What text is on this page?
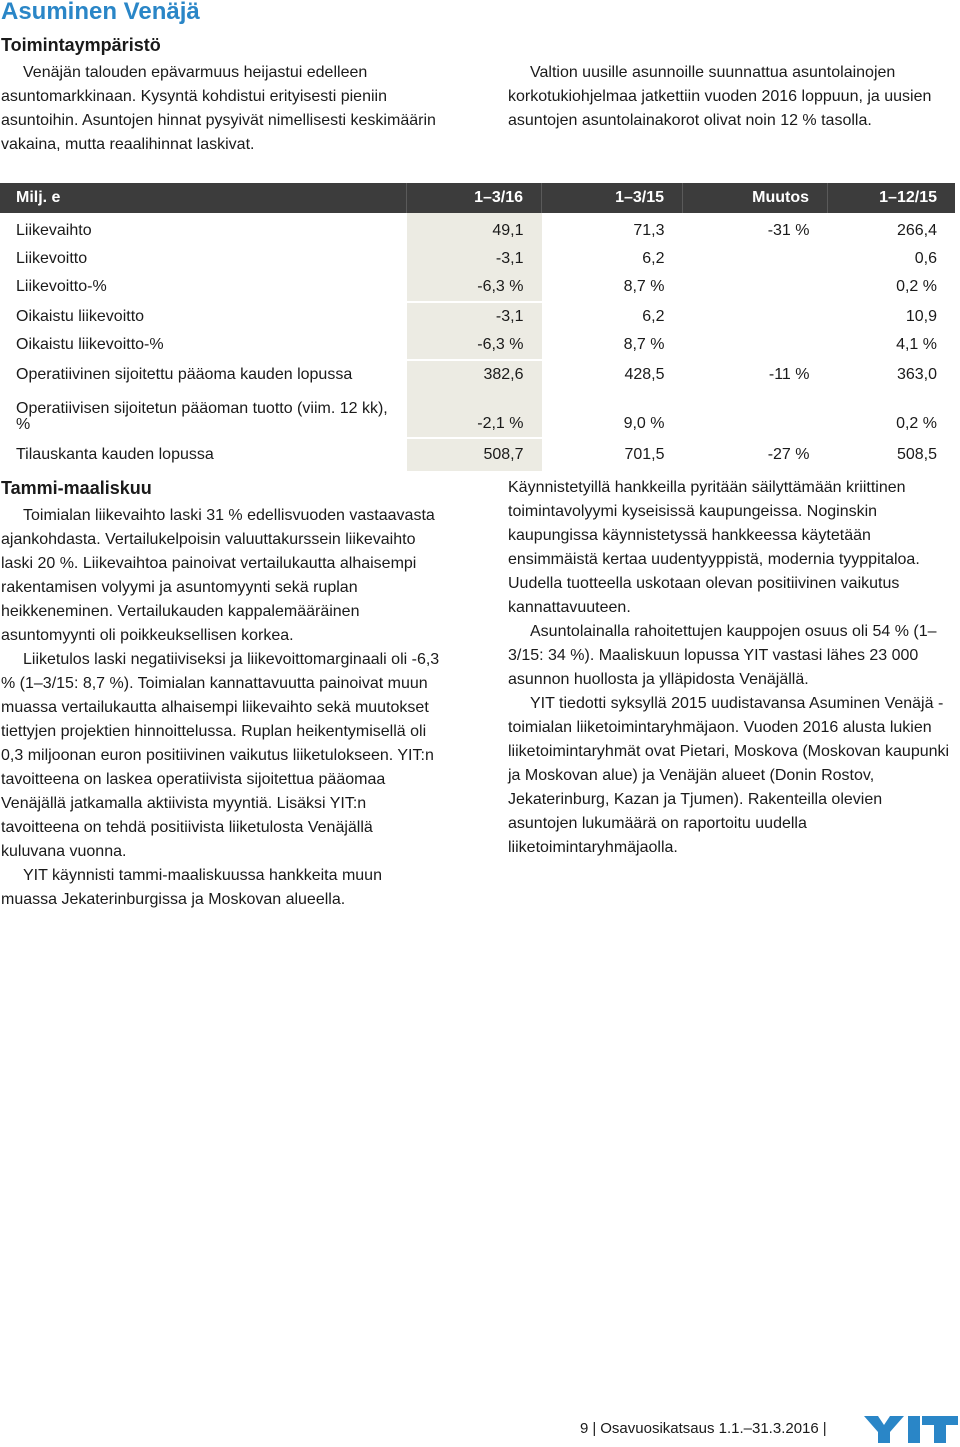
Asuminen Venäjä
Toimintaympäristö

Venäjän talouden epävarmuus heijastui edelleen asuntomarkkinaan. Kysyntä kohdistui erityisesti pieniin asuntoihin. Asuntojen hinnat pysyivät nimellisesti keskimäärin vakaina, mutta reaalihinnat laskivat.

Valtion uusille asunnoille suunnattua asuntolainojen korkotukiohjelmaa jatkettiin vuoden 2016 loppuun, ja uusien asuntojen asuntolainakorot olivat noin 12 % tasolla.

Milj. e	1–3/16	1–3/15	Muutos	1–12/15
Liikevaihto	49,1	71,3	-31 %	266,4
Liikevoitto	-3,1	6,2		0,6
Liikevoitto-%	-6,3 %	8,7 %		0,2 %
Oikaistu liikevoitto	-3,1	6,2		10,9
Oikaistu liikevoitto-%	-6,3 %	8,7 %		4,1 %
Operatiivinen sijoitettu pääoma kauden lopussa	382,6	428,5	-11 %	363,0
Operatiivisen sijoitetun pääoman tuotto (viim. 12 kk), %	-2,1 %	9,0 %		0,2 %
Tilauskanta kauden lopussa	508,7	701,5	-27 %	508,5
Tammi-maaliskuu

Toimialan liikevaihto laski 31 % edellisvuoden vastaavasta ajankohdasta. Vertailukelpoisin valuuttakurssein liikevaihto laski 20 %. Liikevaihtoa painoivat vertailukautta alhaisempi rakentamisen volyymi ja asuntomyynti sekä ruplan heikkeneminen. Vertailukauden kappalemääräinen asuntomyynti oli poikkeuksellisen korkea.

Liiketulos laski negatiiviseksi ja liikevoittomarginaali oli -6,3 % (1–3/15: 8,7 %). Toimialan kannattavuutta painoivat muun muassa vertailukautta alhaisempi liikevaihto sekä muutokset tiettyjen projektien hinnoittelussa. Ruplan heikentymisellä oli 0,3 miljoonan euron positiivinen vaikutus liiketulokseen. YIT:n tavoitteena on laskea operatiivista sijoitettua pääomaa Venäjällä jatkamalla aktiivista myyntiä. Lisäksi YIT:n tavoitteena on tehdä positiivista liiketulosta Venäjällä kuluvana vuonna.

YIT käynnisti tammi-maaliskuussa hankkeita muun muassa Jekaterinburgissa ja Moskovan alueella.

Käynnistetyillä hankkeilla pyritään säilyttämään kriittinen toimintavolyymi kyseisissä kaupungeissa. Noginskin kaupungissa käynnistetyssä hankkeessa käytetään ensimmäistä kertaa uudentyyppistä, modernia tyyppitaloa. Uudella tuotteella uskotaan olevan positiivinen vaikutus kannattavuuteen.

Asuntolainalla rahoitettujen kauppojen osuus oli 54 % (1–3/15: 34 %). Maaliskuun lopussa YIT vastasi lähes 23 000 asunnon huollosta ja ylläpidosta Venäjällä.

YIT tiedotti syksyllä 2015 uudistavansa Asuminen Venäjä -toimialan liiketoimintaryhmäjaon. Vuoden 2016 alusta lukien liiketoimintaryhmät ovat Pietari, Moskova (Moskovan kaupunki ja Moskovan alue) ja Venäjän alueet (Donin Rostov, Jekaterinburg, Kazan ja Tjumen). Rakenteilla olevien asuntojen lukumäärä on raportoitu uudella liiketoimintaryhmäjaolla.

9 | Osavuosikatsaus 1.1.–31.3.2016 |
